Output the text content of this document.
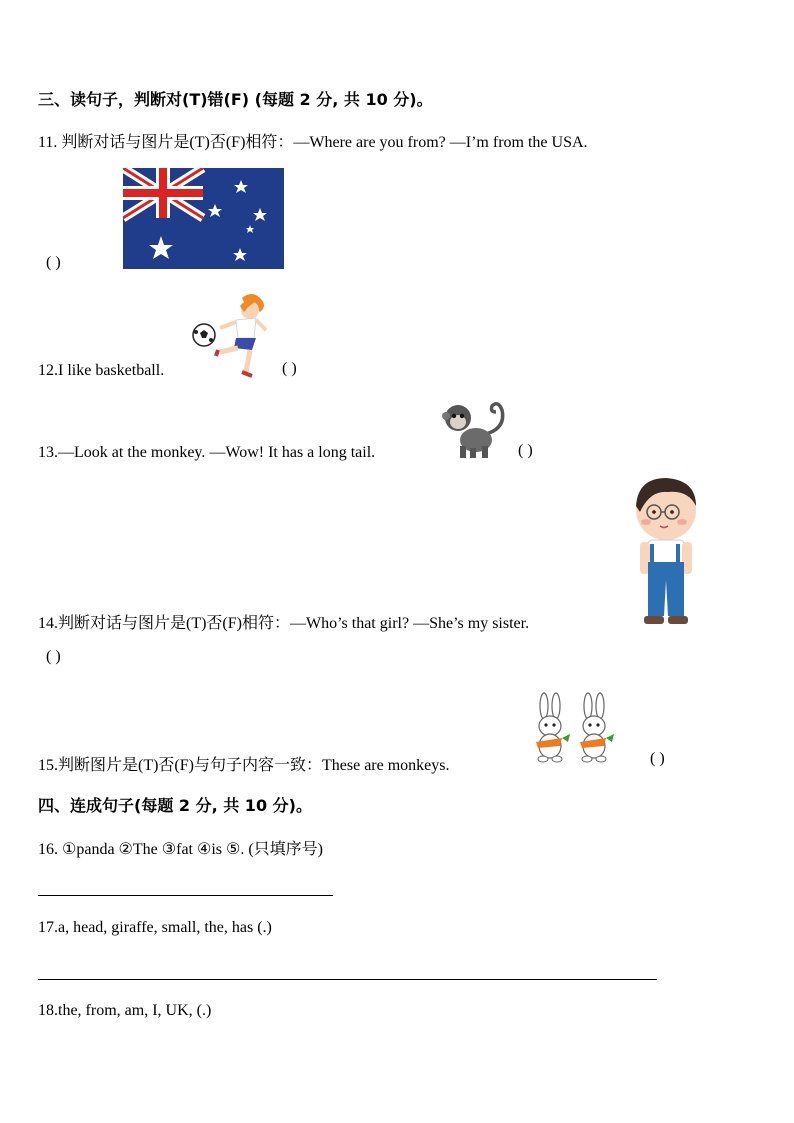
三、读句子，判断对(T)错(F) (每题 2 分, 共 10 分)。
11. 判断对话与图片是(T)否(F)相符：—Where are you from? —I’m from the USA.
( )
12.I like basketball.	( )
13.—Look at the monkey. —Wow! It has a long tail.	( )
14.判断对话与图片是(T)否(F)相符：—Who’s that girl? —She’s my sister.
( )
15.判断图片是(T)否(F)与句子内容一致：These are monkeys.	( )
四、连成句子(每题 2 分, 共 10 分)。
16. ①panda ②The ③fat ④is ⑤. (只填序号)
17.a, head, giraffe, small, the, has (.)
18.the, from, am, I, UK, (.)
